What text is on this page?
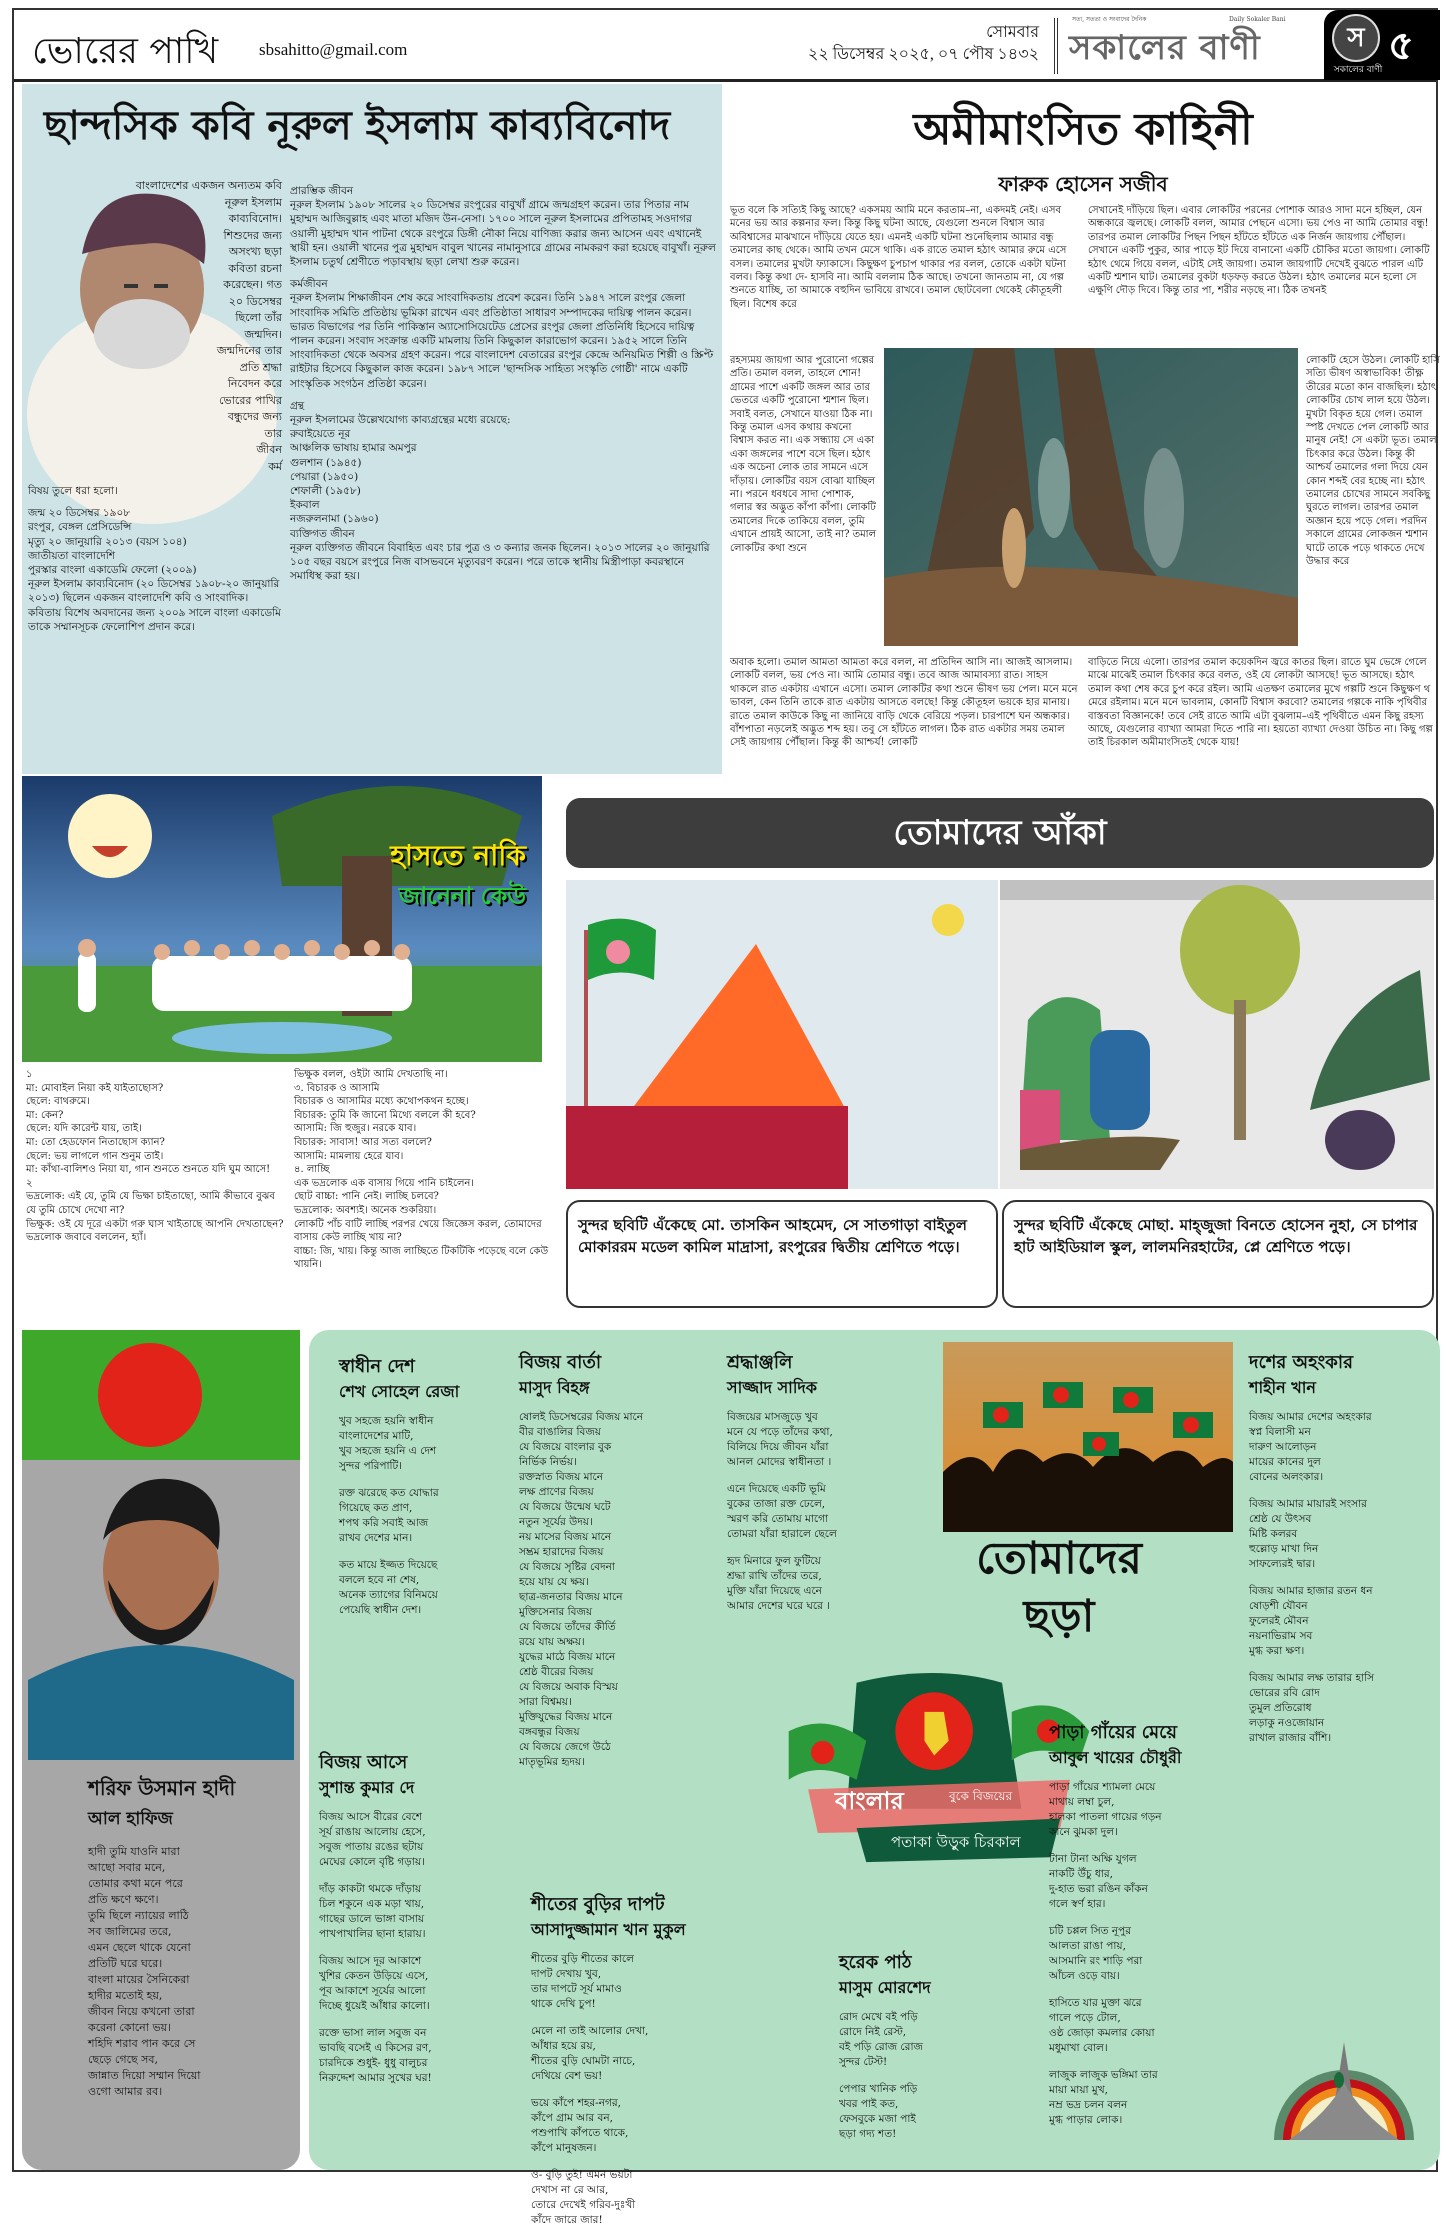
ভোরের পাখি sbsahitto@gmail.com
সোমবার
২২ ডিসেম্বর ২০২৫, ০৭ পৌষ ১৪৩২
সত্য, সততা ও সংবাদের দৈনিক	Daily Sokaler Bani
সকালের বাণী	স ৫
সকালের বাণী
ছান্দসিক কবি নূরুল ইসলাম কাব্যবিনোদ
বাংলাদেশের একজন অন্যতম কবি
নূরুল ইসলাম
কাব্যবিনোদ।
শিশুদের জন্য
অসংখ্য ছড়া
কবিতা রচনা
করেছেন। গত
২০ ডিসেম্বর
ছিলো তাঁর
জন্মদিন।
জন্মদিনের তার
প্রতি শ্রদ্ধা
নিবেদন করে
ভোরের পাখির
বন্ধুদের জন্য
তার
জীবন
কর্ম
বিষয় তুলে ধরা হলো।
জন্ম ২০ ডিসেম্বর ১৯০৮
রংপুর, বেঙ্গল প্রেসিডেন্সি
মৃত্যু ২০ জানুয়ারি ২০১৩ (বয়স ১০৪)
জাতীয়তা বাংলাদেশি
পুরস্কার বাংলা একাডেমি ফেলো (২০০৯)
নূরুল ইসলাম কাব্যবিনোদ (২০ ডিসেম্বর ১৯০৮-২০ জানুয়ারি ২০১৩) ছিলেন একজন বাংলাদেশি কবি ও সাংবাদিক। কবিতায় বিশেষ অবদানের জন্য ২০০৯ সালে বাংলা একাডেমি তাকে সম্মানসূচক ফেলোশিপ প্রদান করে।

প্রারম্ভিক জীবন

নূরুল ইসলাম ১৯০৮ সালের ২০ ডিসেম্বর রংপুরের বাবুখাঁ গ্রামে জন্মগ্রহণ করেন। তার পিতার নাম মুহাম্মদ আজিবুল্লাহ এবং মাতা মজিদ উন-নেসা। ১৭০০ সালে নূরুল ইসলামের প্রপিতামহ সওদাগর ওয়ালী মুহাম্মদ খান পাটনা থেকে রংপুরে ডিঙ্গী নৌকা নিয়ে বাণিজ্য করার জন্য আসেন এবং এখানেই স্থায়ী হন। ওয়ালী খানের পুত্র মুহাম্মদ বাবুল খানের নামানুসারে গ্রামের নামকরণ করা হয়েছে বাবুখাঁ। নূরুল ইসলাম চতুর্থ শ্রেণীতে পড়াবস্থায় ছড়া লেখা শুরু করেন।

কর্মজীবন

নূরুল ইসলাম শিক্ষাজীবন শেষ করে সাংবাদিকতায় প্রবেশ করেন। তিনি ১৯৪৭ সালে রংপুর জেলা সাংবাদিক সমিতি প্রতিষ্ঠায় ভূমিকা রাখেন এবং প্রতিষ্ঠাতা সাধারণ সম্পাদকের দায়িত্ব পালন করেন। ভারত বিভাগের পর তিনি পাকিস্তান অ্যাসোসিয়েটেড প্রেসের রংপুর জেলা প্রতিনিধি হিসেবে দায়িত্ব পালন করেন। সংবাদ সংক্রান্ত একটি মামলায় তিনি কিছুকাল কারাভোগ করেন। ১৯৫২ সালে তিনি সাংবাদিকতা থেকে অবসর গ্রহণ করেন। পরে বাংলাদেশ বেতারের রংপুর কেন্দ্রে অনিয়মিত শিল্পী ও স্ক্রিপ্ট রাইটার হিসেবে কিছুকাল কাজ করেন। ১৯৮৭ সালে 'ছান্দসিক সাহিত্য সংস্কৃতি গোষ্ঠী' নামে একটি সাংস্কৃতিক সংগঠন প্রতিষ্ঠা করেন।

গ্রন্থ

নূরুল ইসলামের উল্লেখযোগ্য কাব্যগ্রন্থের মধ্যে রয়েছে:

রুবাইয়েতে নূর
আঞ্চলিক ভাষায় হামার অমপুর
গুলশান (১৯৪৫)
পেয়ারা (১৯৫০)
শেফালী (১৯৫৮)
ইকবাল
নজরুলনামা (১৯৬০)

ব্যক্তিগত জীবন

নূরুল ব্যক্তিগত জীবনে বিবাহিত এবং চার পুত্র ও ৩ কন্যার জনক ছিলেন। ২০১৩ সালের ২০ জানুয়ারি ১০৫ বছর বয়সে রংপুরে নিজ বাসভবনে মৃত্যুবরণ করেন। পরে তাকে স্থানীয় মিস্ত্রীপাড়া কবরস্থানে সমাধিস্থ করা হয়।

অমীমাংসিত কাহিনী
ফারুক হোসেন সজীব
ভূত বলে কি সত্যিই কিছু আছে? একসময় আমি মনে করতাম–না, একদমই নেই। এসব মনের ভয় আর কল্পনার ফল। কিন্তু কিছু ঘটনা আছে, যেগুলো শুনলে বিশ্বাস আর অবিশ্বাসের মাঝখানে দাঁড়িয়ে যেতে হয়। এমনই একটি ঘটনা শুনেছিলাম আমার বন্ধু তমালের কাছ থেকে। আমি তখন মেসে থাকি। এক রাতে তমাল হঠাৎ আমার রুমে এসে বসল। তমালের মুখটা ফ্যাকাসে। কিছুক্ষণ চুপচাপ থাকার পর বলল, তোকে একটা ঘটনা বলব। কিন্তু কথা দে- হাসবি না। আমি বললাম ঠিক আছে। তখনো জানতাম না, যে গল্প শুনতে যাচ্ছি, তা আমাকে বহুদিন ভাবিয়ে রাখবে। তমাল ছোটবেলা থেকেই কৌতূহলী ছিল। বিশেষ করে
সেখানেই দাঁড়িয়ে ছিল। এবার লোকটির পরনের পোশাক আরও সাদা মনে হচ্ছিল, যেন অন্ধকারে জ্বলছে। লোকটি বলল, আমার পেছনে এসো। ভয় পেও না আমি তোমার বন্ধু! তারপর তমাল লোকটির পিছন পিছন হাঁটতে হাঁটতে এক নির্জন জায়গায় পৌঁছাল। সেখানে একটি পুকুর, আর পাড়ে ইট দিয়ে বানানো একটি চৌকির মতো জায়গা। লোকটি হঠাৎ থেমে গিয়ে বলল, এটাই সেই জায়গা। তমাল জায়গাটি দেখেই বুঝতে পারল এটি একটি শ্মশান ঘাট। তমালের বুকটা ধড়ফড় করতে উঠল। হঠাৎ তমালের মনে হলো সে এক্ষুণি দৌড় দিবে। কিন্তু তার পা, শরীর নড়ছে না। ঠিক তখনই
রহস্যময় জায়গা আর পুরোনো গল্পের প্রতি। তমাল বলল, তাহলে শোন! গ্রামের পাশে একটি জঙ্গল আর তার ভেতরে একটি পুরোনো শ্মশান ছিল। সবাই বলত, সেখানে যাওয়া ঠিক না। কিন্তু তমাল এসব কথায় কখনো বিশ্বাস করত না। এক সন্ধ্যায় সে একা একা জঙ্গলের পাশে বসে ছিল। হঠাৎ এক অচেনা লোক তার সামনে এসে দাঁড়ায়। লোকটির বয়স বোঝা যাচ্ছিল না। পরনে ধবধবে সাদা পোশাক, গলার স্বর অদ্ভুত কাঁপা কাঁপা। লোকটি তমালের দিকে তাকিয়ে বলল, তুমি এখানে প্রায়ই আসো, তাই না? তমাল লোকটির কথা শুনে
লোকটি হেসে উঠল। লোকটি হাসি সত্যি ভীষণ অস্বাভাবিক! তীক্ষ্ণ তীরের মতো কান বাজছিল। হঠাৎ লোকটির চোখ লাল হয়ে উঠল। মুখটা বিকৃত হয়ে গেল। তমাল স্পষ্ট দেখতে পেল লোকটি আর মানুষ নেই! সে একটা ভূত। তমাল চিৎকার করে উঠল। কিন্তু কী আশ্চর্য তমালের গলা দিয়ে যেন কোন শব্দই বের হচ্ছে না। হঠাৎ তমালের চোখের সামনে সবকিছু ঘুরতে লাগল। তারপর তমাল অজ্ঞান হয়ে পড়ে গেল। পরদিন সকালে গ্রামের লোকজন শ্মশান ঘাটে তাকে পড়ে থাকতে দেখে উদ্ধার করে
অবাক হলো। তমাল আমতা আমতা করে বলল, না প্রতিদিন আসি না। আজই আসলাম। লোকটি বলল, ভয় পেও না। আমি তোমার বন্ধু। তবে আজ আমাবস্যা রাত। সাহস থাকলে রাত একটায় এখানে এসো। তমাল লোকটির কথা শুনে ভীষণ ভয় পেল। মনে মনে ভাবল, কেন তিনি তাকে রাত একটায় আসতে বলছে! কিন্তু কৌতূহল ভয়কে হার মানায়। রাতে তমাল কাউকে কিছু না জানিয়ে বাড়ি থেকে বেরিয়ে পড়ল। চারপাশে ঘন অন্ধকার। বাঁশপাতা নড়লেই অদ্ভুত শব্দ হয়। তবু সে হাঁটতে লাগল। ঠিক রাত একটার সময় তমাল সেই জায়গায় পৌঁছাল। কিন্তু কী আশ্চর্য! লোকটি
বাড়িতে নিয়ে এলো। তারপর তমাল কয়েকদিন জ্বরে কাতর ছিল। রাতে ঘুম ভেঙ্গে গেলে মাঝে মাঝেই তমাল চিৎকার করে বলত, ওই যে লোকটা আসছে! ভূত আসছে। হঠাৎ তমাল কথা শেষ করে চুপ করে রইল। আমি এতক্ষণ তমালের মুখে গল্পটি শুনে কিছুক্ষণ থ মেরে রইলাম। মনে মনে ভাবলাম, কোনটি বিশ্বাস করবো? তমালের গল্পকে নাকি পৃথিবীর বাস্তবতা বিজ্ঞানকে! তবে সেই রাতে আমি এটা বুঝলাম–এই পৃথিবীতে এমন কিছু রহস্য আছে, যেগুলোর ব্যাখ্যা আমরা দিতে পারি না। হয়তো ব্যাখ্যা দেওয়া উচিত না। কিছু গল্প তাই চিরকাল অমীমাংসিতই থেকে যায়!
হাসতে নাকি
জানেনা কেউ
১
মা: মোবাইল নিয়া কই যাইতাছোস?
ছেলে: বাথরুমে।
মা: কেন?
ছেলে: যদি কারেন্ট যায়, তাই।
মা: তো হেডফোন নিতাছোস ক্যান?
ছেলে: ভয় লাগলে গান শুনুম তাই।
মা: কাঁথা-বালিশও নিয়া যা, গান শুনতে শুনতে যদি ঘুম আসে!
২
ভদ্রলোক: এই যে, তুমি যে ভিক্ষা চাইতাছো, আমি কীভাবে বুঝব যে তুমি চোখে দেখো না?
ভিক্ষুক: ওই যে দূরে একটা গরু ঘাস খাইতাছে আপনি দেখতাছেন?
ভদ্রলোক জবাবে বললেন, হ্যাঁ।
ভিক্ষুক বলল, ওইটা আমি দেখতাছি না।
৩. বিচারক ও আসামি
বিচারক ও আসামির মধ্যে কথোপকথন হচ্ছে।
বিচারক: তুমি কি জানো মিথ্যে বললে কী হবে?
আসামি: জি হুজুর। নরকে যাব।
বিচারক: সাবাস! আর সত্য বললে?
আসামি: মামলায় হেরে যাব।
৪. লাচ্ছি
এক ভদ্রলোক এক বাসায় গিয়ে পানি চাইলেন।
ছোট বাচ্চা: পানি নেই। লাচ্ছি চলবে?
ভদ্রলোক: অবশ্যই। অনেক শুকরিয়া।
লোকটি পাঁচ বাটি লাচ্ছি পরপর খেয়ে জিজ্ঞেস করল, তোমাদের বাসায় কেউ লাচ্ছি খায় না?
বাচ্চা: জি, খায়। কিন্তু আজ লাচ্ছিতে টিকটিকি পড়েছে বলে কেউ খায়নি।
তোমাদের আঁকা
সুন্দর ছবিটি এঁকেছে মো. তাসকিন আহমেদ, সে সাতগাড়া বাইতুল মোকাররম মডেল কামিল মাদ্রাসা, রংপুরের দ্বিতীয় শ্রেণিতে পড়ে।
সুন্দর ছবিটি এঁকেছে মোছা. মাহ্জুজা বিনতে হোসেন নুহা, সে চাপার হাট আইডিয়াল স্কুল, লালমনিরহাটের, প্লে শ্রেণিতে পড়ে।
শরিফ উসমান হাদী
আল হাফিজ
হাদী তুমি যাওনি মারা
আছো সবার মনে,
তোমার কথা মনে পরে
প্রতি ক্ষণে ক্ষণে।
তুমি ছিলে ন্যায়ের লাঠি
সব জালিমের তরে,
এমন ছেলে থাকে যেনো
প্রতিটি ঘরে ঘরে।
বাংলা মায়ের সৈনিকেরা
হাদীর মতোই হয়,
জীবন নিয়ে কখনো তারা
করেনা কোনো ভয়।
শহিদি শরাব পান করে সে
ছেড়ে গেছে সব,
জান্নাত দিয়ো সম্মান দিয়ো
ওগো আমার রব।
স্বাধীন দেশ
শেখ সোহেল রেজা
খুব সহজে হয়নি স্বাধীন
বাংলাদেশের মাটি,
খুব সহজে হয়নি এ দেশ
সুন্দর পরিপাটি।
রক্ত ঝরেছে কত যোদ্ধার
গিয়েছে কত প্রাণ,
শপথ করি সবাই আজ
রাখব দেশের মান।
কত মায়ে ইজ্জত দিয়েছে
বললে হবে না শেষ,
অনেক ত্যাগের বিনিময়ে
পেয়েছি স্বাধীন দেশ।
বিজয় বার্তা
মাসুদ বিহঙ্গ
ষোলই ডিসেম্বরের বিজয় মানে
বীর বাঙালির বিজয়
যে বিজয়ে বাংলার বুক
নির্ভিক নির্ভয়।
রক্তস্নাত বিজয় মানে
লক্ষ প্রাণের বিজয়
যে বিজয়ে উন্মেষ ঘটে
নতুন সূর্যের উদয়।
নয় মাসের বিজয় মানে
সম্ভ্রম হারাদের বিজয়
যে বিজয়ে সৃষ্টির বেদনা
হয়ে যায় যে ক্ষয়।
ছাত্র-জনতার বিজয় মানে
মুক্তিসেনার বিজয়
যে বিজয়ে তাঁদের কীর্তি
রয়ে যায় অক্ষয়।
যুদ্ধের মাঠে বিজয় মানে
শ্রেষ্ঠ বীরের বিজয়
যে বিজয়ে অবাক বিস্ময়
সারা বিশ্বময়।
মুক্তিযুদ্ধের বিজয় মানে
বঙ্গবন্ধুর বিজয়
যে বিজয়ে জেগে উঠে
মাতৃভূমির হৃদয়।
শ্রদ্ধাঞ্জলি
সাজ্জাদ সাদিক
বিজয়ের মাসজুড়ে খুব
মনে যে পড়ে তাঁদের কথা,
বিলিয়ে দিয়ে জীবন যাঁরা
আনল মোদের স্বাধীনতা ।
এনে দিয়েছে একটি ভূমি
বুকের তাজা রক্ত ঢেলে,
স্মরণ করি তোমায় মাগো
তোমরা যাঁরা হারালে ছেলে
হৃদ মিনারে ফুল ফুটিয়ে
শ্রদ্ধা রাখি তাঁদের তরে,
মুক্তি যাঁরা দিয়েছে এনে
আমার দেশের ঘরে ঘরে ।
তোমাদের
ছড়া
দশের অহংকার
শাহীন খান
বিজয় আমার দেশের অহংকার
স্বপ্ন বিলাসী মন
দারুণ আলোড়ন
মায়ের কানের দুল
বোনের অলংকার।
বিজয় আমার মায়ারই সংসার
শ্রেষ্ঠ যে উৎসব
মিষ্টি কলরব
হুল্লোড় মাখা দিন
সাফল্যেরই দ্বার।
বিজয় আমার হাজার রতন ধন
ষোড়শী যৌবন
ফুলেরই মৌবন
নয়নাভিরাম সব
মুগ্ধ করা ক্ষণ।
বিজয় আমার লক্ষ তারার হাসি
ভোরের রবি রোদ
তুমুল প্রতিরোধ
লড়াকু নওজোয়ান
রাখাল রাজার বাঁশি।
বিজয় আসে
সুশান্ত কুমার দে
বিজয় আসে বীরের বেশে
সূর্য রাঙায় আলোয় হেসে,
সবুজ পাতায় রঙের ছটায়
মেঘের কোলে বৃষ্টি গড়ায়।
দাঁড় কাকটা থমকে দাঁড়ায়
চিল শকুনে এক মড়া খায়,
গাছের ডালে ভাঙ্গা বাসায়
পাখপাখালির ছানা হারায়।
বিজয় আসে দূর আকাশে
খুশির কেতন উড়িয়ে এসে,
পূব আকাশে সূর্যের আলো
দিচ্ছে ধুয়েই আঁধার কালো।
রক্তে ভাসা লাল সবুজ বন
ভাবছি বসেই এ কিসের রণ,
চারদিকে শুধুই- ধুধু বালুচর
নিরুদ্দেশ আমার সুখের ঘর!
বাংলার	বুকে বিজয়ের
পতাকা উড়ুক চিরকাল
শীতের বুড়ির দাপট
আসাদুজ্জামান খান মুকুল
শীতের বুড়ি শীতের কালে
দাপট দেখায় খুব,
তার দাপটে সূর্য মামাও
থাকে দেখি চুপ!
মেলে না তাই আলোর দেখা,
আঁধার হয়ে রয়,
শীতের বুড়ি ঘোমটা নাচে,
দেখিয়ে বেশ ভয়!
ভয়ে কাঁপে শহর-নগর,
কাঁপে গ্রাম আর বন,
পশুপাখি কাঁপতে থাকে,
কাঁপে মানুষজন।
ও- বুড়ি তুই! এমন ভয়টা
দেখাস না রে আর,
তোরে দেখেই গরিব-দুঃখী
কাঁদে জারে জার!
হরেক পাঠ
মাসুম মোরশেদ
রোদ মেখে বই পড়ি
রোদে নিই রেস্ট,
বই পড়ি রোজ রোজ
সুন্দর টেস্ট!
পেপার খানিক পড়ি
খবর পাই কত,
ফেসবুকে মজা পাই
ছড়া গদ্য শত!
পাড়া গাঁয়ের মেয়ে
আবুল খায়ের চৌধুরী
পাড়া গাঁয়ের শ্যামলা মেয়ে
মাথায় লম্বা চুল,
হালকা পাতলা গায়ের গড়ন
কানে ঝুমকা দুল।
টানা টানা অক্ষি যুগল
নাকটি উঁচু ধার,
দু-হাত ভরা রঙিন কাঁকন
গলে স্বর্ণ হার।
চটি চপ্পল সিত নূপুর
আলতা রাঙা পায়,
আসমানি রং শাড়ি পরা
আঁচল ওড়ে বায়।
হাসিতে যার মুক্তা ঝরে
গালে পড়ে টোল,
ওষ্ঠ জোড়া কমলার কোয়া
মধুমাখা বোল।
লাজুক লাজুক ভঙ্গিমা তার
মায়া মায়া মুখ,
নম্র ভদ্র চলন বলন
মুগ্ধ পাড়ার লোক।
